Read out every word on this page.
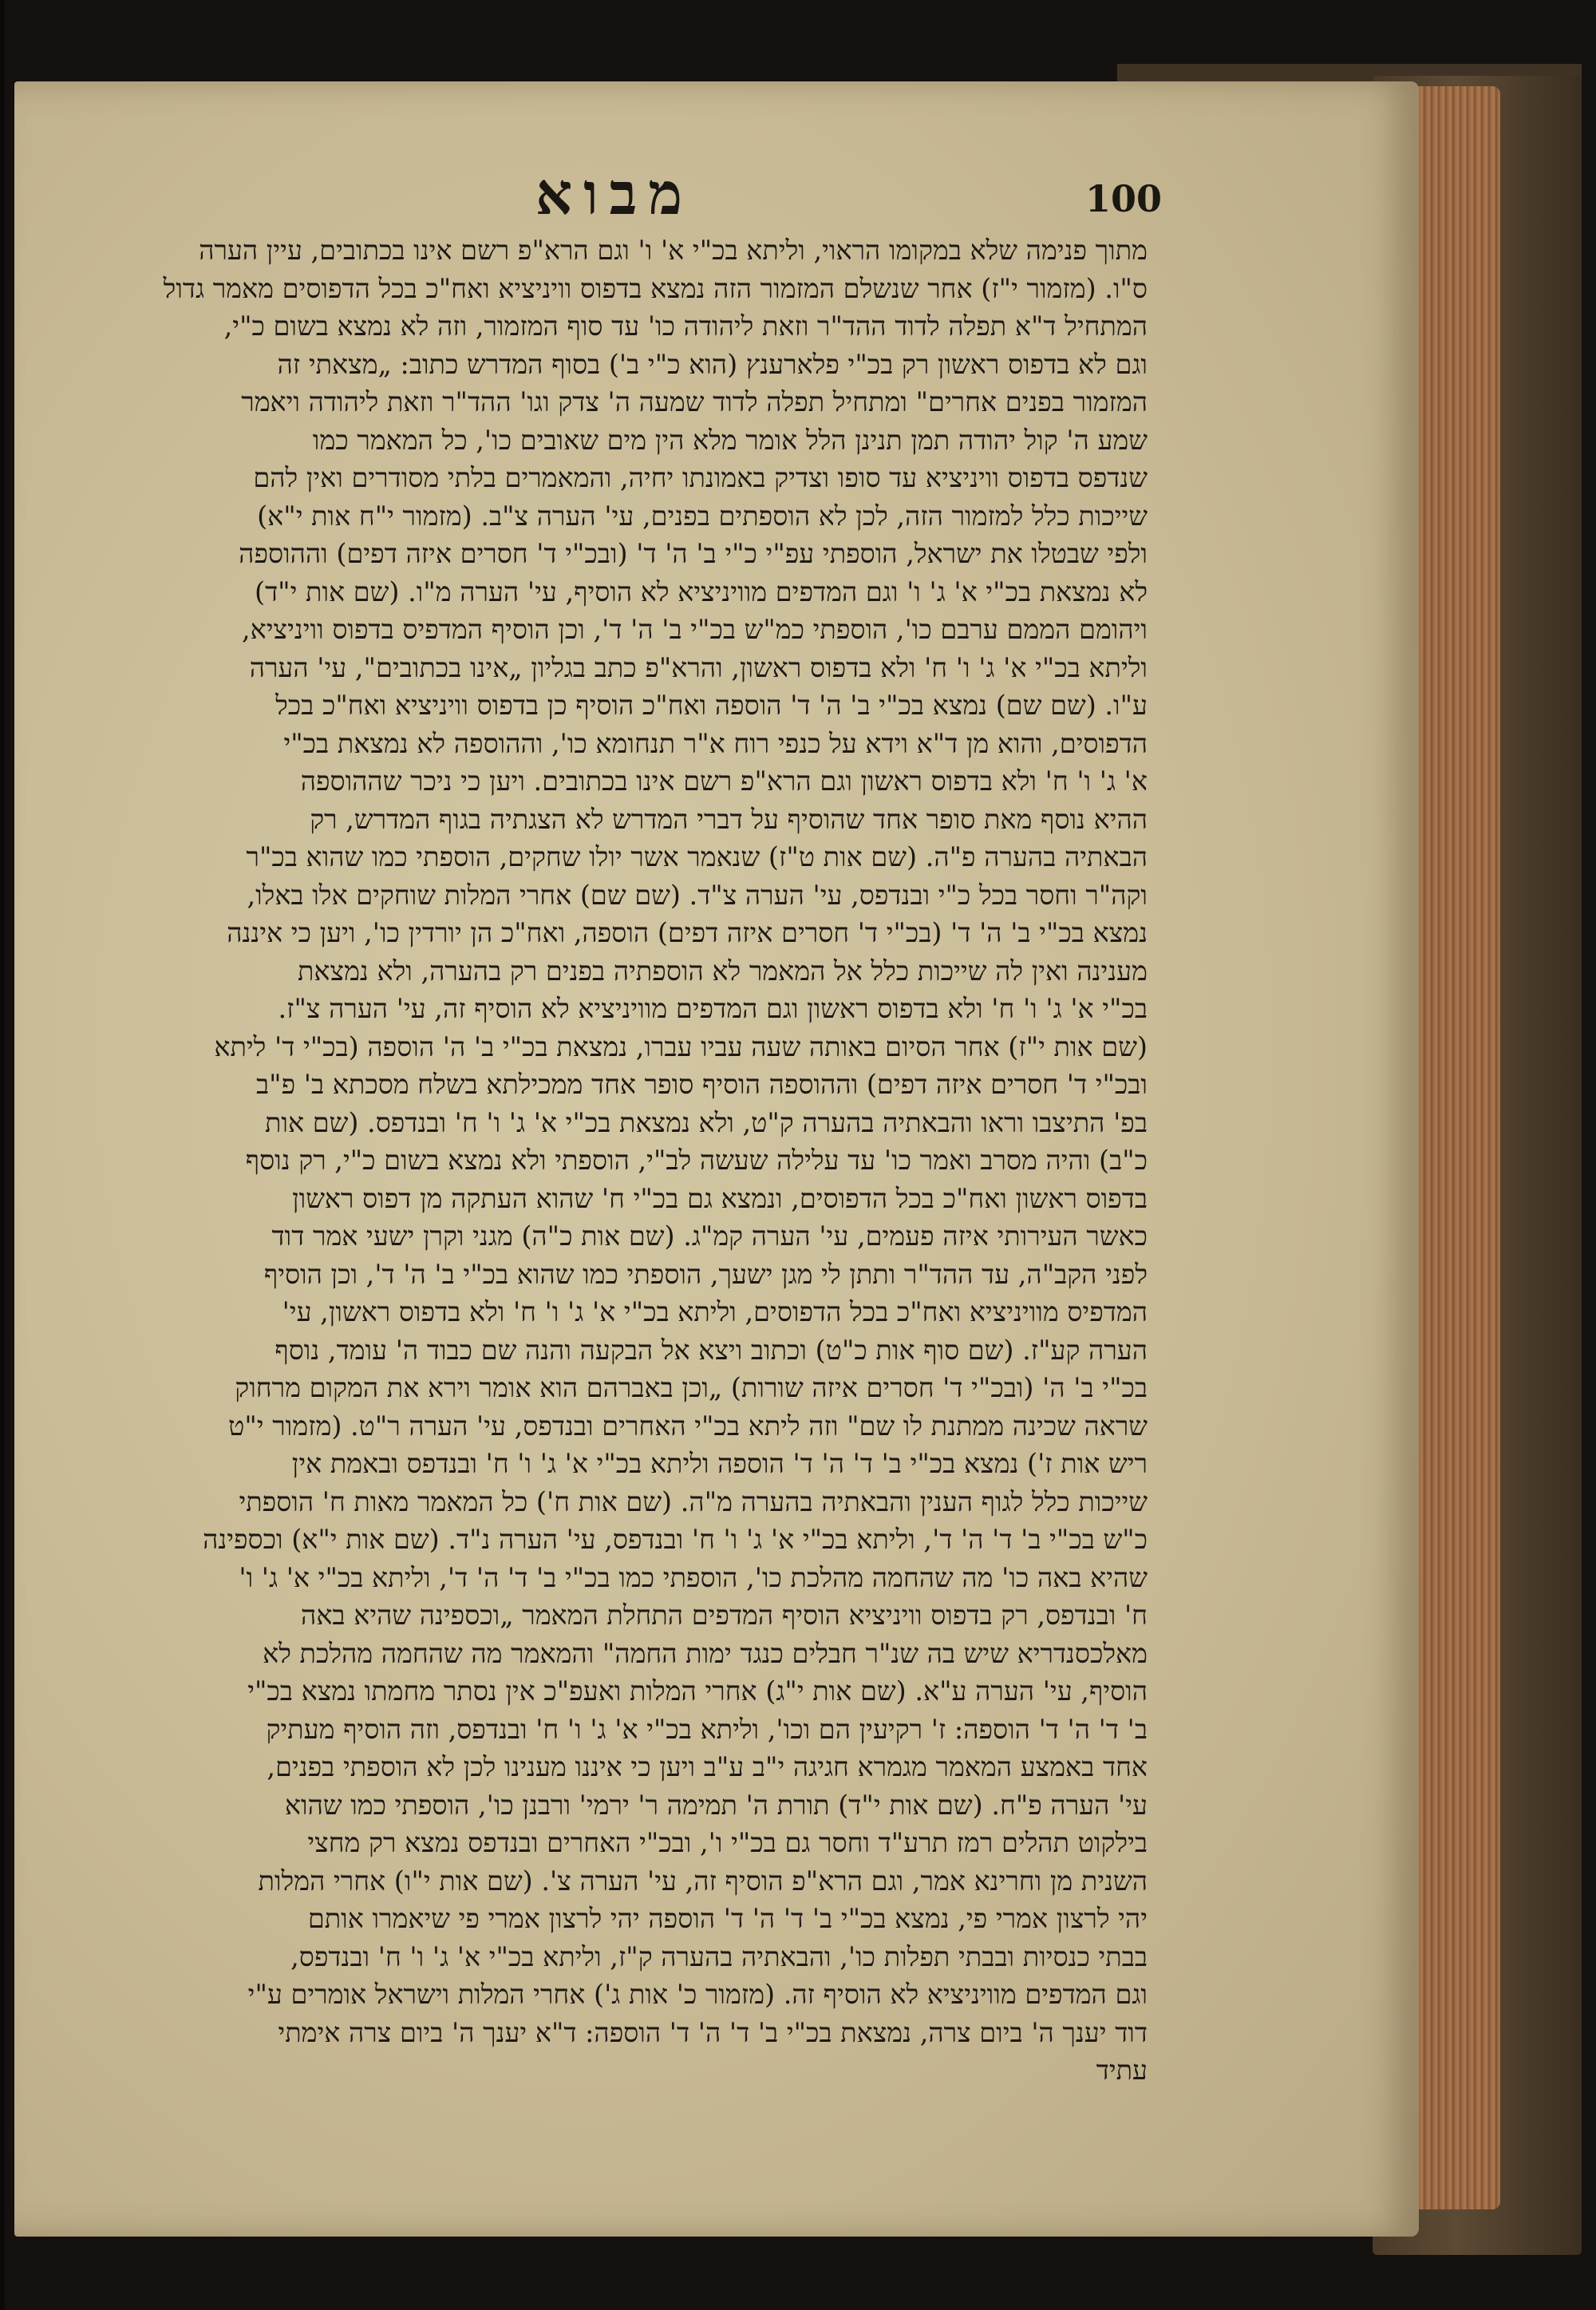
100
מבוא
מתוך פנימה שלא במקומו הראוי, וליתא בכ"י א' ו' וגם הרא"פ רשם אינו בכתובים, עיין הערה
ס"ו. (מזמור י"ז) אחר שנשלם המזמור הזה נמצא בדפוס וויניציא ואח"כ בכל הדפוסים מאמר גדול
המתחיל ד"א תפלה לדוד ההד"ר וזאת ליהודה כו' עד סוף המזמור, וזה לא נמצא בשום כ"י,
וגם לא בדפוס ראשון רק בכ"י פלארענץ (הוא כ"י ב') בסוף המדרש כתוב: „מצאתי זה
המזמור בפנים אחרים" ומתחיל תפלה לדוד שמעה ה' צדק וגו' ההד"ר וזאת ליהודה ויאמר
שמע ה' קול יהודה תמן תנינן הלל אומר מלא הין מים שאובים כו', כל המאמר כמו
שנדפס בדפוס וויניציא עד סופו וצדיק באמונתו יחיה, והמאמרים בלתי מסודרים ואין להם
שייכות כלל למזמור הזה, לכן לא הוספתים בפנים, עי' הערה צ"ב. (מזמור י"ח אות י"א)
ולפי שבטלו את ישראל, הוספתי עפ"י כ"י ב' ה' ד' (ובכ"י ד' חסרים איזה דפים) וההוספה
לא נמצאת בכ"י א' ג' ו' וגם המדפים מוויניציא לא הוסיף, עי' הערה מ"ו. (שם אות י"ד)
ויהומם הממם ערבם כו', הוספתי כמ"ש בכ"י ב' ה' ד', וכן הוסיף המדפיס בדפוס וויניציא,
וליתא בכ"י א' ג' ו' ח' ולא בדפוס ראשון, והרא"פ כתב בגליון „אינו בכתובים", עי' הערה
ע"ו. (שם שם) נמצא בכ"י ב' ה' ד' הוספה ואח"כ הוסיף כן בדפוס וויניציא ואח"כ בכל
הדפוסים, והוא מן ד"א וידא על כנפי רוח א"ר תנחומא כו', וההוספה לא נמצאת בכ"י
א' ג' ו' ח' ולא בדפוס ראשון וגם הרא"פ רשם אינו בכתובים. ויען כי ניכר שההוספה
ההיא נוסף מאת סופר אחד שהוסיף על דברי המדרש לא הצגתיה בגוף המדרש, רק
הבאתיה בהערה פ"ה. (שם אות ט"ז) שנאמר אשר יולו שחקים, הוספתי כמו שהוא בכ"ר
וקה"ר וחסר בכל כ"י ובנדפס, עי' הערה צ"ד. (שם שם) אחרי המלות שוחקים אלו באלו,
נמצא בכ"י ב' ה' ד' (בכ"י ד' חסרים איזה דפים) הוספה, ואח"כ הן יורדין כו', ויען כי איננה
מענינה ואין לה שייכות כלל אל המאמר לא הוספתיה בפנים רק בהערה, ולא נמצאת
בכ"י א' ג' ו' ח' ולא בדפוס ראשון וגם המדפים מוויניציא לא הוסיף זה, עי' הערה צ"ז.
(שם אות י"ז) אחר הסיום באותה שעה עביו עברו, נמצאת בכ"י ב' ה' הוספה (בכ"י ד' ליתא
ובכ"י ד' חסרים איזה דפים) וההוספה הוסיף סופר אחד ממכילתא בשלח מסכתא ב' פ"ב
בפ' התיצבו וראו והבאתיה בהערה ק"ט, ולא נמצאת בכ"י א' ג' ו' ח' ובנדפס. (שם אות
כ"ב) והיה מסרב ואמר כו' עד עלילה שעשה לב"י, הוספתי ולא נמצא בשום כ"י, רק נוסף
בדפוס ראשון ואח"כ בכל הדפוסים, ונמצא גם בכ"י ח' שהוא העתקה מן דפוס ראשון
כאשר העירותי איזה פעמים, עי' הערה קמ"ג. (שם אות כ"ה) מגני וקרן ישעי אמר דוד
לפני הקב"ה, עד ההד"ר ותתן לי מגן ישעך, הוספתי כמו שהוא בכ"י ב' ה' ד', וכן הוסיף
המדפיס מוויניציא ואח"כ בכל הדפוסים, וליתא בכ"י א' ג' ו' ח' ולא בדפוס ראשון, עי'
הערה קע"ז. (שם סוף אות כ"ט) וכתוב ויצא אל הבקעה והנה שם כבוד ה' עומד, נוסף
בכ"י ב' ה' (ובכ"י ד' חסרים איזה שורות) „וכן באברהם הוא אומר וירא את המקום מרחוק
שראה שכינה ממתנת לו שם" וזה ליתא בכ"י האחרים ובנדפס, עי' הערה ר"ט. (מזמור י"ט
ריש אות ז') נמצא בכ"י ב' ד' ה' ד' הוספה וליתא בכ"י א' ג' ו' ח' ובנדפס ובאמת אין
שייכות כלל לגוף הענין והבאתיה בהערה מ"ה. (שם אות ח') כל המאמר מאות ח' הוספתי
כ"ש בכ"י ב' ד' ה' ד', וליתא בכ"י א' ג' ו' ח' ובנדפס, עי' הערה נ"ד. (שם אות י"א) וכספינה
שהיא באה כו' מה שהחמה מהלכת כו', הוספתי כמו בכ"י ב' ד' ה' ד', וליתא בכ"י א' ג' ו'
ח' ובנדפס, רק בדפוס וויניציא הוסיף המדפים התחלת המאמר „וכספינה שהיא באה
מאלכסנדריא שיש בה שנ"ר חבלים כנגד ימות החמה" והמאמר מה שהחמה מהלכת לא
הוסיף, עי' הערה ע"א. (שם אות י"ג) אחרי המלות ואעפ"כ אין נסתר מחמתו נמצא בכ"י
ב' ד' ה' ד' הוספה: ז' רקיעין הם וכו', וליתא בכ"י א' ג' ו' ח' ובנדפס, וזה הוסיף מעתיק
אחד באמצע המאמר מגמרא חגיגה י"ב ע"ב ויען כי איננו מענינו לכן לא הוספתי בפנים,
עי' הערה פ"ח. (שם אות י"ד) תורת ה' תמימה ר' ירמי' ורבנן כו', הוספתי כמו שהוא
בילקוט תהלים רמז תרע"ד וחסר גם בכ"י ו', ובכ"י האחרים ובנדפס נמצא רק מחצי
השנית מן וחרינא אמר, וגם הרא"פ הוסיף זה, עי' הערה צ'. (שם אות י"ו) אחרי המלות
יהי לרצון אמרי פי, נמצא בכ"י ב' ד' ה' ד' הוספה יהי לרצון אמרי פי שיאמרו אותם
בבתי כנסיות ובבתי תפלות כו', והבאתיה בהערה ק"ז, וליתא בכ"י א' ג' ו' ח' ובנדפס,
וגם המדפים מוויניציא לא הוסיף זה. (מזמור כ' אות ג') אחרי המלות וישראל אומרים ע"י
דוד יענך ה' ביום צרה, נמצאת בכ"י ב' ד' ה' ד' הוספה: ד"א יענך ה' ביום צרה אימתי
עתיד
